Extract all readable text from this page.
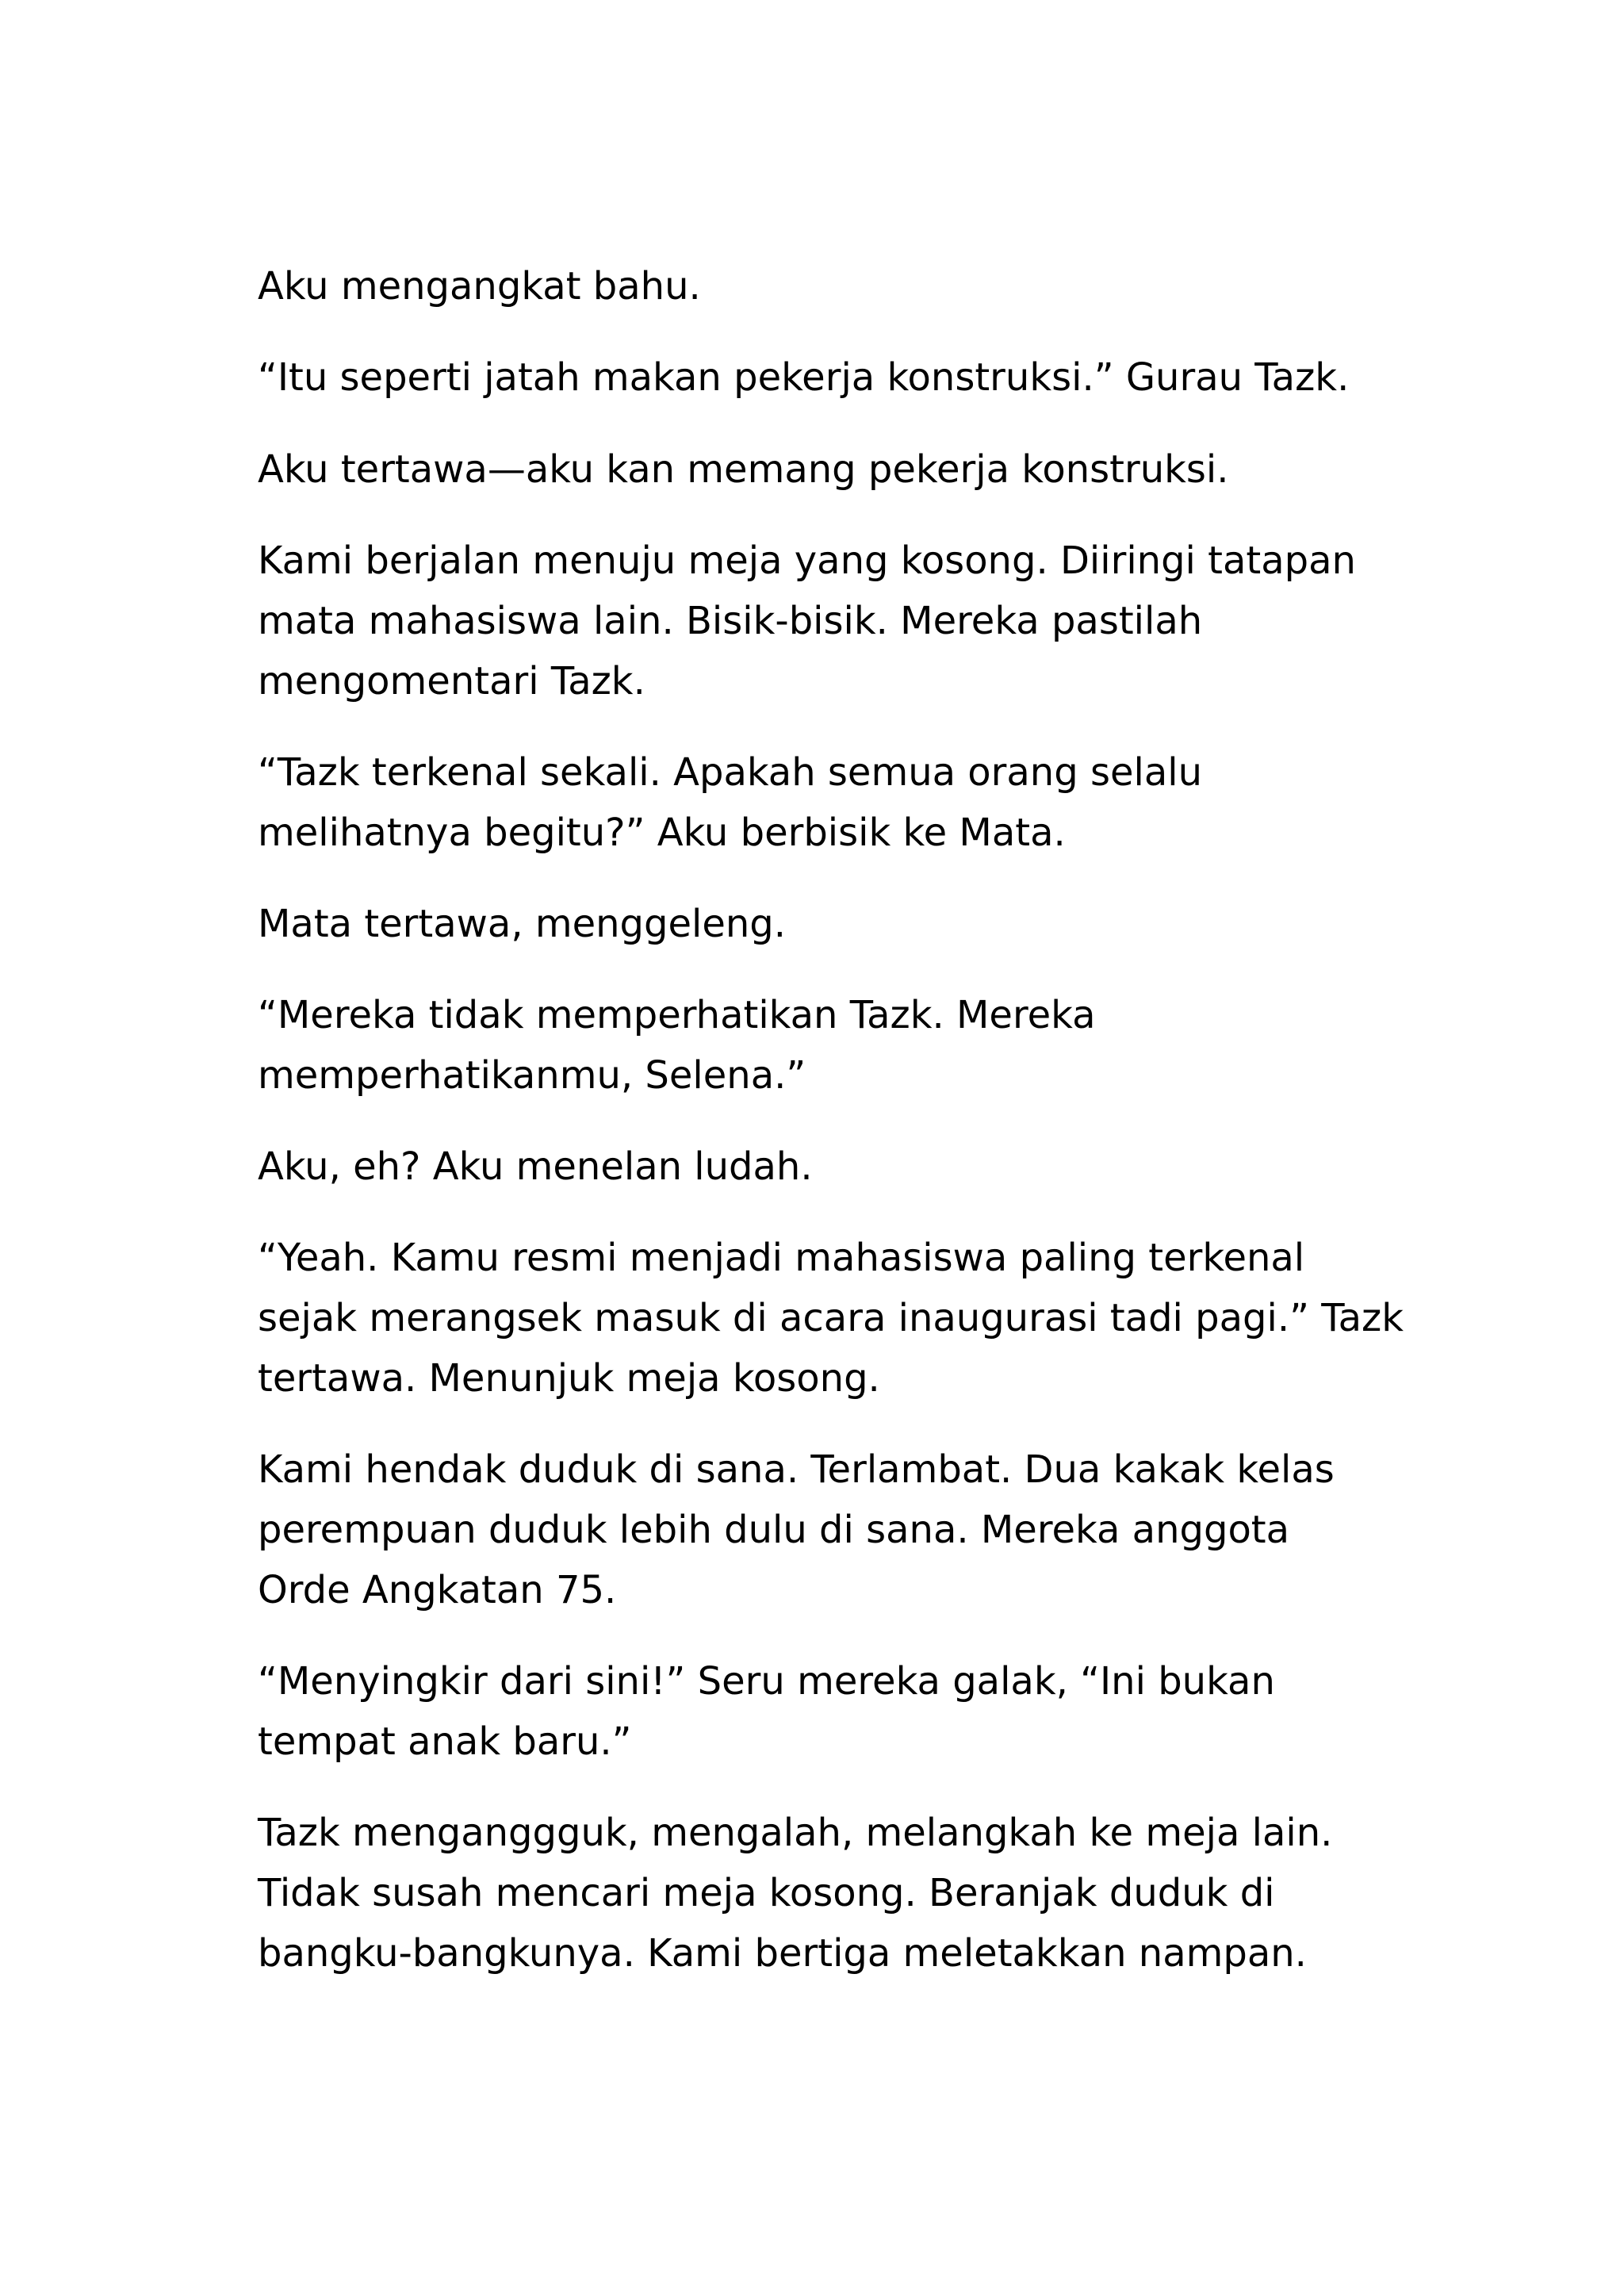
Aku mengangkat bahu.

“Itu seperti jatah makan pekerja konstruksi.” Gurau Tazk.

Aku tertawa—aku kan memang pekerja konstruksi.

Kami berjalan menuju meja yang kosong. Diiringi tatapan
mata mahasiswa lain. Bisik-bisik. Mereka pastilah
mengomentari Tazk.

“Tazk terkenal sekali. Apakah semua orang selalu
melihatnya begitu?” Aku berbisik ke Mata.

Mata tertawa, menggeleng.

“Mereka tidak memperhatikan Tazk. Mereka
memperhatikanmu, Selena.”

Aku, eh? Aku menelan ludah.

“Yeah. Kamu resmi menjadi mahasiswa paling terkenal
sejak merangsek masuk di acara inaugurasi tadi pagi.” Tazk
tertawa. Menunjuk meja kosong.

Kami hendak duduk di sana. Terlambat. Dua kakak kelas
perempuan duduk lebih dulu di sana. Mereka anggota
Orde Angkatan 75.

“Menyingkir dari sini!” Seru mereka galak, “Ini bukan
tempat anak baru.”

Tazk menganggguk, mengalah, melangkah ke meja lain.
Tidak susah mencari meja kosong. Beranjak duduk di
bangku-bangkunya. Kami bertiga meletakkan nampan.
